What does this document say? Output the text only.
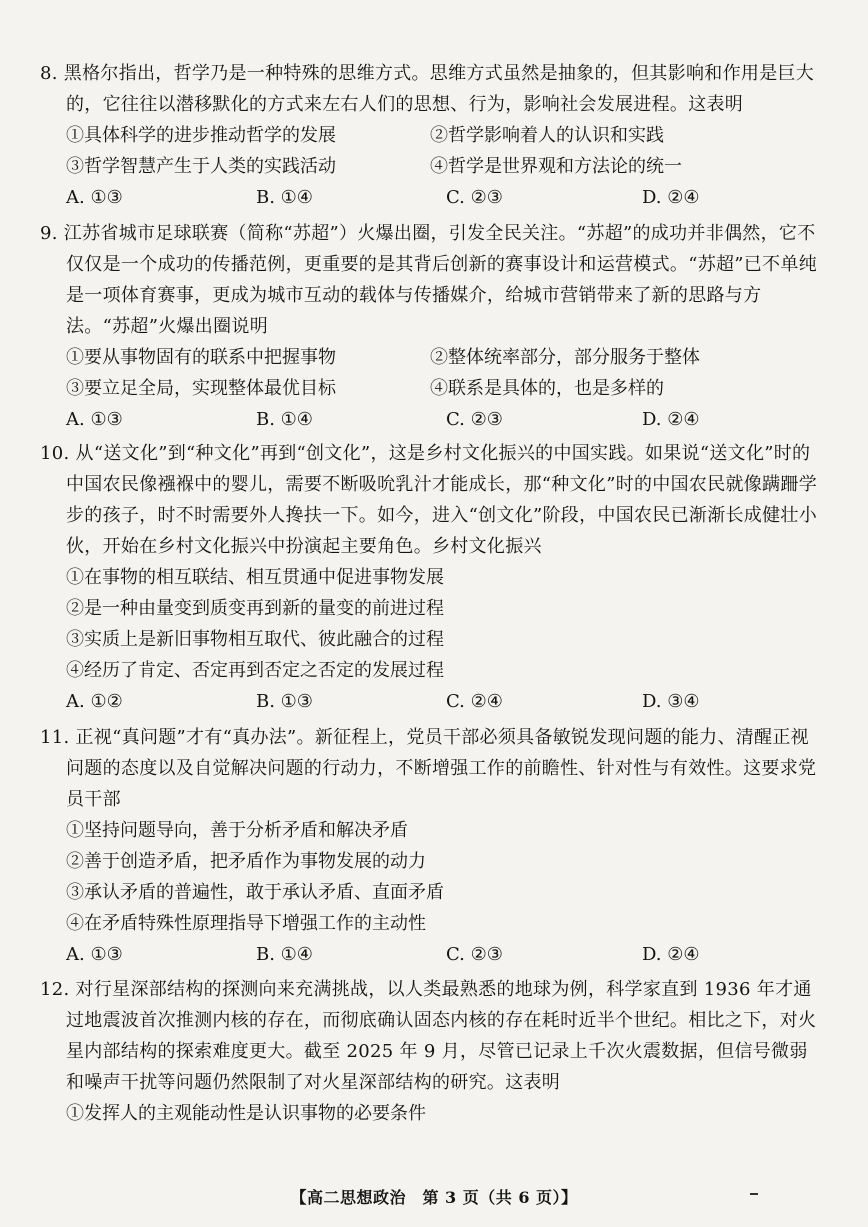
8. 黑格尔指出，哲学乃是一种特殊的思维方式。思维方式虽然是抽象的，但其影响和作用是巨大的，它往往以潜移默化的方式来左右人们的思想、行为，影响社会发展进程。这表明
①具体科学的进步推动哲学的发展	②哲学影响着人的认识和实践
③哲学智慧产生于人类的实践活动	④哲学是世界观和方法论的统一
A. ①③	B. ①④	C. ②③	D. ②④
9. 江苏省城市足球联赛（简称“苏超”）火爆出圈，引发全民关注。“苏超”的成功并非偶然，它不仅仅是一个成功的传播范例，更重要的是其背后创新的赛事设计和运营模式。“苏超”已不单纯是一项体育赛事，更成为城市互动的载体与传播媒介，给城市营销带来了新的思路与方法。“苏超”火爆出圈说明
①要从事物固有的联系中把握事物	②整体统率部分，部分服务于整体
③要立足全局，实现整体最优目标	④联系是具体的，也是多样的
A. ①③	B. ①④	C. ②③	D. ②④
10. 从“送文化”到“种文化”再到“创文化”，这是乡村文化振兴的中国实践。如果说“送文化”时的中国农民像襁褓中的婴儿，需要不断吸吮乳汁才能成长，那“种文化”时的中国农民就像蹒跚学步的孩子，时不时需要外人搀扶一下。如今，进入“创文化”阶段，中国农民已渐渐长成健壮小伙，开始在乡村文化振兴中扮演起主要角色。乡村文化振兴
①在事物的相互联结、相互贯通中促进事物发展
②是一种由量变到质变再到新的量变的前进过程
③实质上是新旧事物相互取代、彼此融合的过程
④经历了肯定、否定再到否定之否定的发展过程
A. ①②	B. ①③	C. ②④	D. ③④
11. 正视“真问题”才有“真办法”。新征程上，党员干部必须具备敏锐发现问题的能力、清醒正视问题的态度以及自觉解决问题的行动力，不断增强工作的前瞻性、针对性与有效性。这要求党员干部
①坚持问题导向，善于分析矛盾和解决矛盾
②善于创造矛盾，把矛盾作为事物发展的动力
③承认矛盾的普遍性，敢于承认矛盾、直面矛盾
④在矛盾特殊性原理指导下增强工作的主动性
A. ①③	B. ①④	C. ②③	D. ②④
12. 对行星深部结构的探测向来充满挑战，以人类最熟悉的地球为例，科学家直到 1936 年才通过地震波首次推测内核的存在，而彻底确认固态内核的存在耗时近半个世纪。相比之下，对火星内部结构的探索难度更大。截至 2025 年 9 月，尽管已记录上千次火震数据，但信号微弱和噪声干扰等问题仍然限制了对火星深部结构的研究。这表明
①发挥人的主观能动性是认识事物的必要条件
【高二思想政治　第 3 页（共 6 页）】
